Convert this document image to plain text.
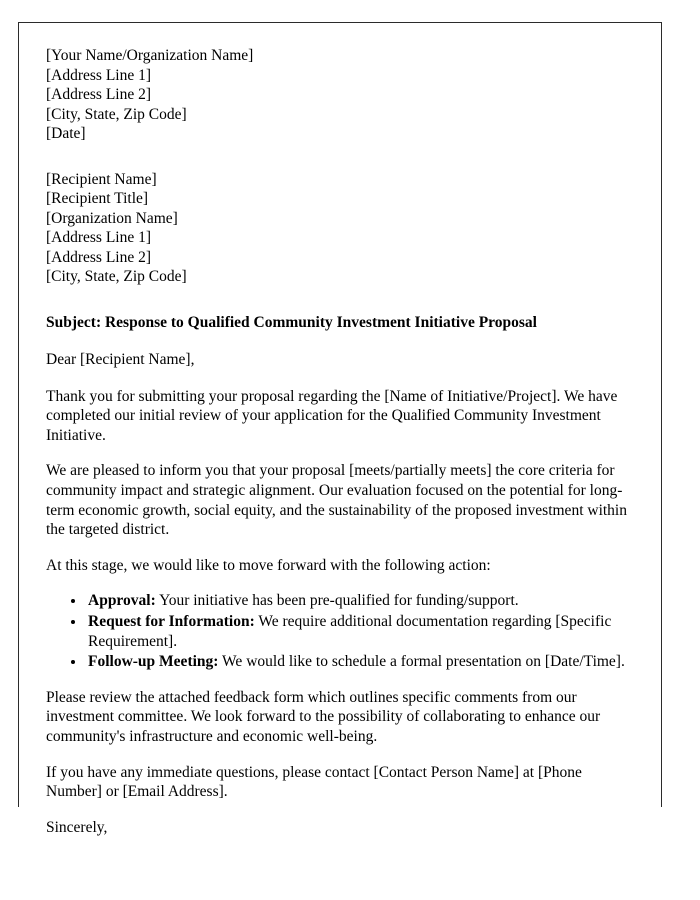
[Your Name/Organization Name]
[Address Line 1]
[Address Line 2]
[City, State, Zip Code]
[Date]
[Recipient Name]
[Recipient Title]
[Organization Name]
[Address Line 1]
[Address Line 2]
[City, State, Zip Code]
Subject: Response to Qualified Community Investment Initiative Proposal
Dear [Recipient Name],

Thank you for submitting your proposal regarding the [Name of Initiative/Project]. We have completed our initial review of your application for the Qualified Community Investment Initiative.

We are pleased to inform you that your proposal [meets/partially meets] the core criteria for community impact and strategic alignment. Our evaluation focused on the potential for long-term economic growth, social equity, and the sustainability of the proposed investment within the targeted district.

At this stage, we would like to move forward with the following action:

• Approval: Your initiative has been pre-qualified for funding/support.
• Request for Information: We require additional documentation regarding [Specific Requirement].
• Follow-up Meeting: We would like to schedule a formal presentation on [Date/Time].

Please review the attached feedback form which outlines specific comments from our investment committee. We look forward to the possibility of collaborating to enhance our community's infrastructure and economic well-being.

If you have any immediate questions, please contact [Contact Person Name] at [Phone Number] or [Email Address].

Sincerely,
